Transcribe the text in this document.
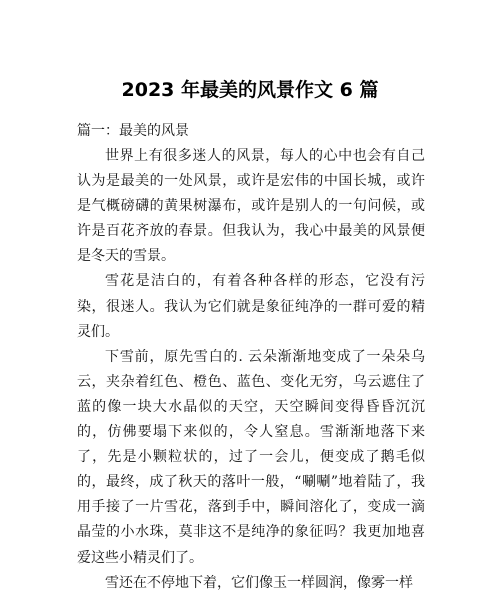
2023 年最美的风景作文 6 篇
篇一：最美的风景

世界上有很多迷人的风景，每人的心中也会有自己认为是最美的一处风景，或许是宏伟的中国长城，或许是气概磅礴的黄果树瀑布，或许是别人的一句问候，或许是百花齐放的春景。但我认为，我心中最美的风景便是冬天的雪景。

雪花是洁白的，有着各种各样的形态，它没有污染，很迷人。我认为它们就是象征纯净的一群可爱的精灵们。

下雪前，原先雪白的. 云朵渐渐地变成了一朵朵乌云，夹杂着红色、橙色、蓝色、变化无穷，乌云遮住了蓝的像一块大水晶似的天空，天空瞬间变得昏昏沉沉的，仿佛要塌下来似的，令人窒息。雪渐渐地落下来了，先是小颗粒状的，过了一会儿，便变成了鹅毛似的，最终，成了秋天的落叶一般，“唰唰”地着陆了，我用手接了一片雪花，落到手中，瞬间溶化了，变成一滴晶莹的小水珠，莫非这不是纯净的象征吗？我更加地喜爱这些小精灵们了。

雪还在不停地下着，它们像玉一样圆润，像雾一样
